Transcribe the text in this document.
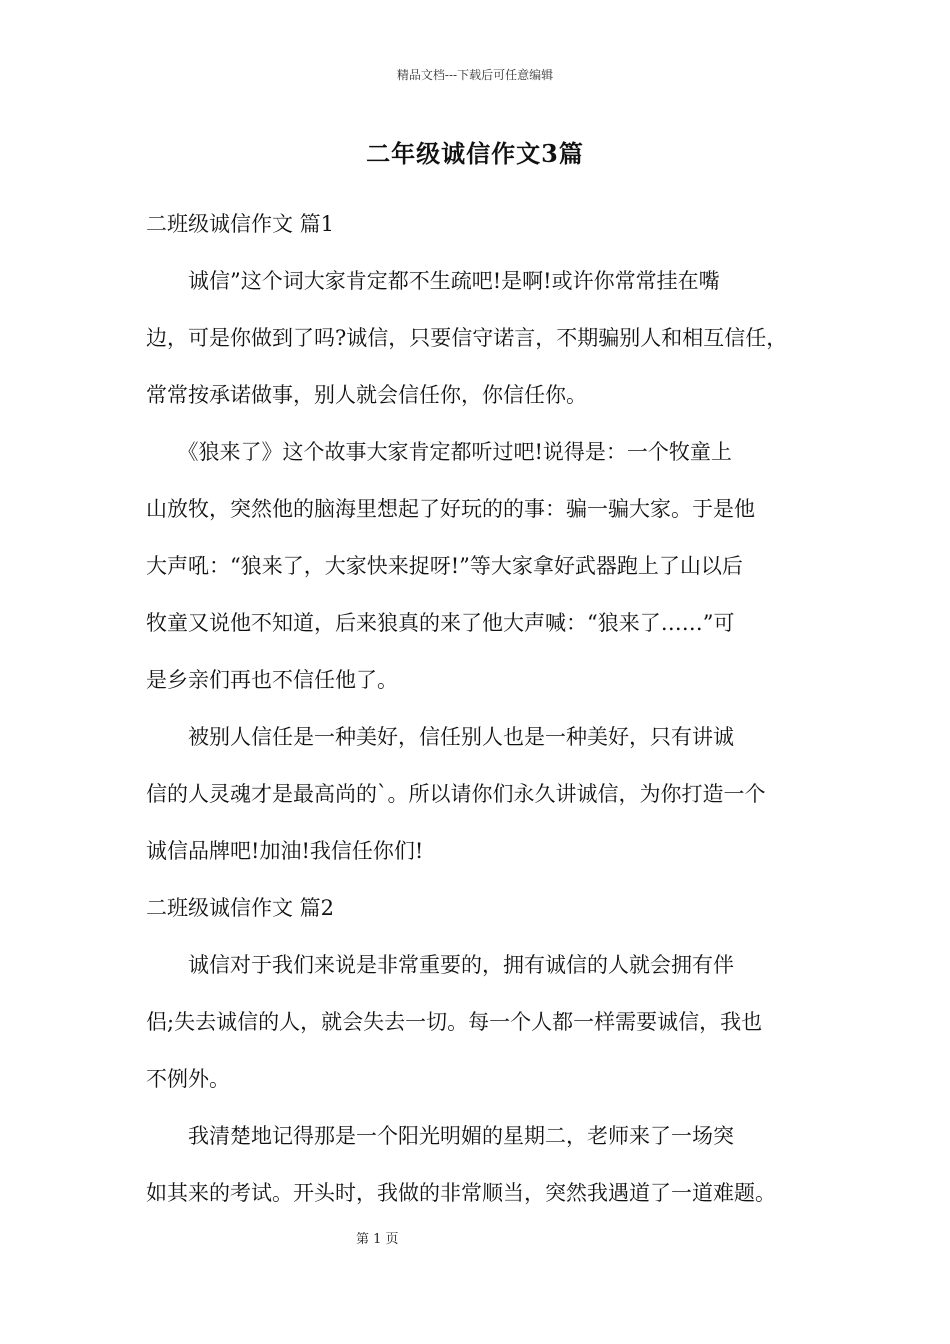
精品文档---下载后可任意编辑
二年级诚信作文3篇
二班级诚信作文 篇1
　　诚信”这个词大家肯定都不生疏吧!是啊!或许你常常挂在嘴
边，可是你做到了吗?诚信，只要信守诺言，不期骗别人和相互信任，
常常按承诺做事，别人就会信任你，你信任你。
　　《狼来了》这个故事大家肯定都听过吧!说得是：一个牧童上
山放牧，突然他的脑海里想起了好玩的的事：骗一骗大家。于是他
大声吼：“狼来了，大家快来捉呀!”等大家拿好武器跑上了山以后
牧童又说他不知道，后来狼真的来了他大声喊：“狼来了……”可
是乡亲们再也不信任他了。
　　被别人信任是一种美好，信任别人也是一种美好，只有讲诚
信的人灵魂才是最高尚的`。所以请你们永久讲诚信，为你打造一个
诚信品牌吧!加油!我信任你们!
二班级诚信作文 篇2
　　诚信对于我们来说是非常重要的，拥有诚信的人就会拥有伴
侣;失去诚信的人，就会失去一切。每一个人都一样需要诚信，我也
不例外。
　　我清楚地记得那是一个阳光明媚的星期二，老师来了一场突
如其来的考试。开头时，我做的非常顺当，突然我遇道了一道难题。
第 1 页
